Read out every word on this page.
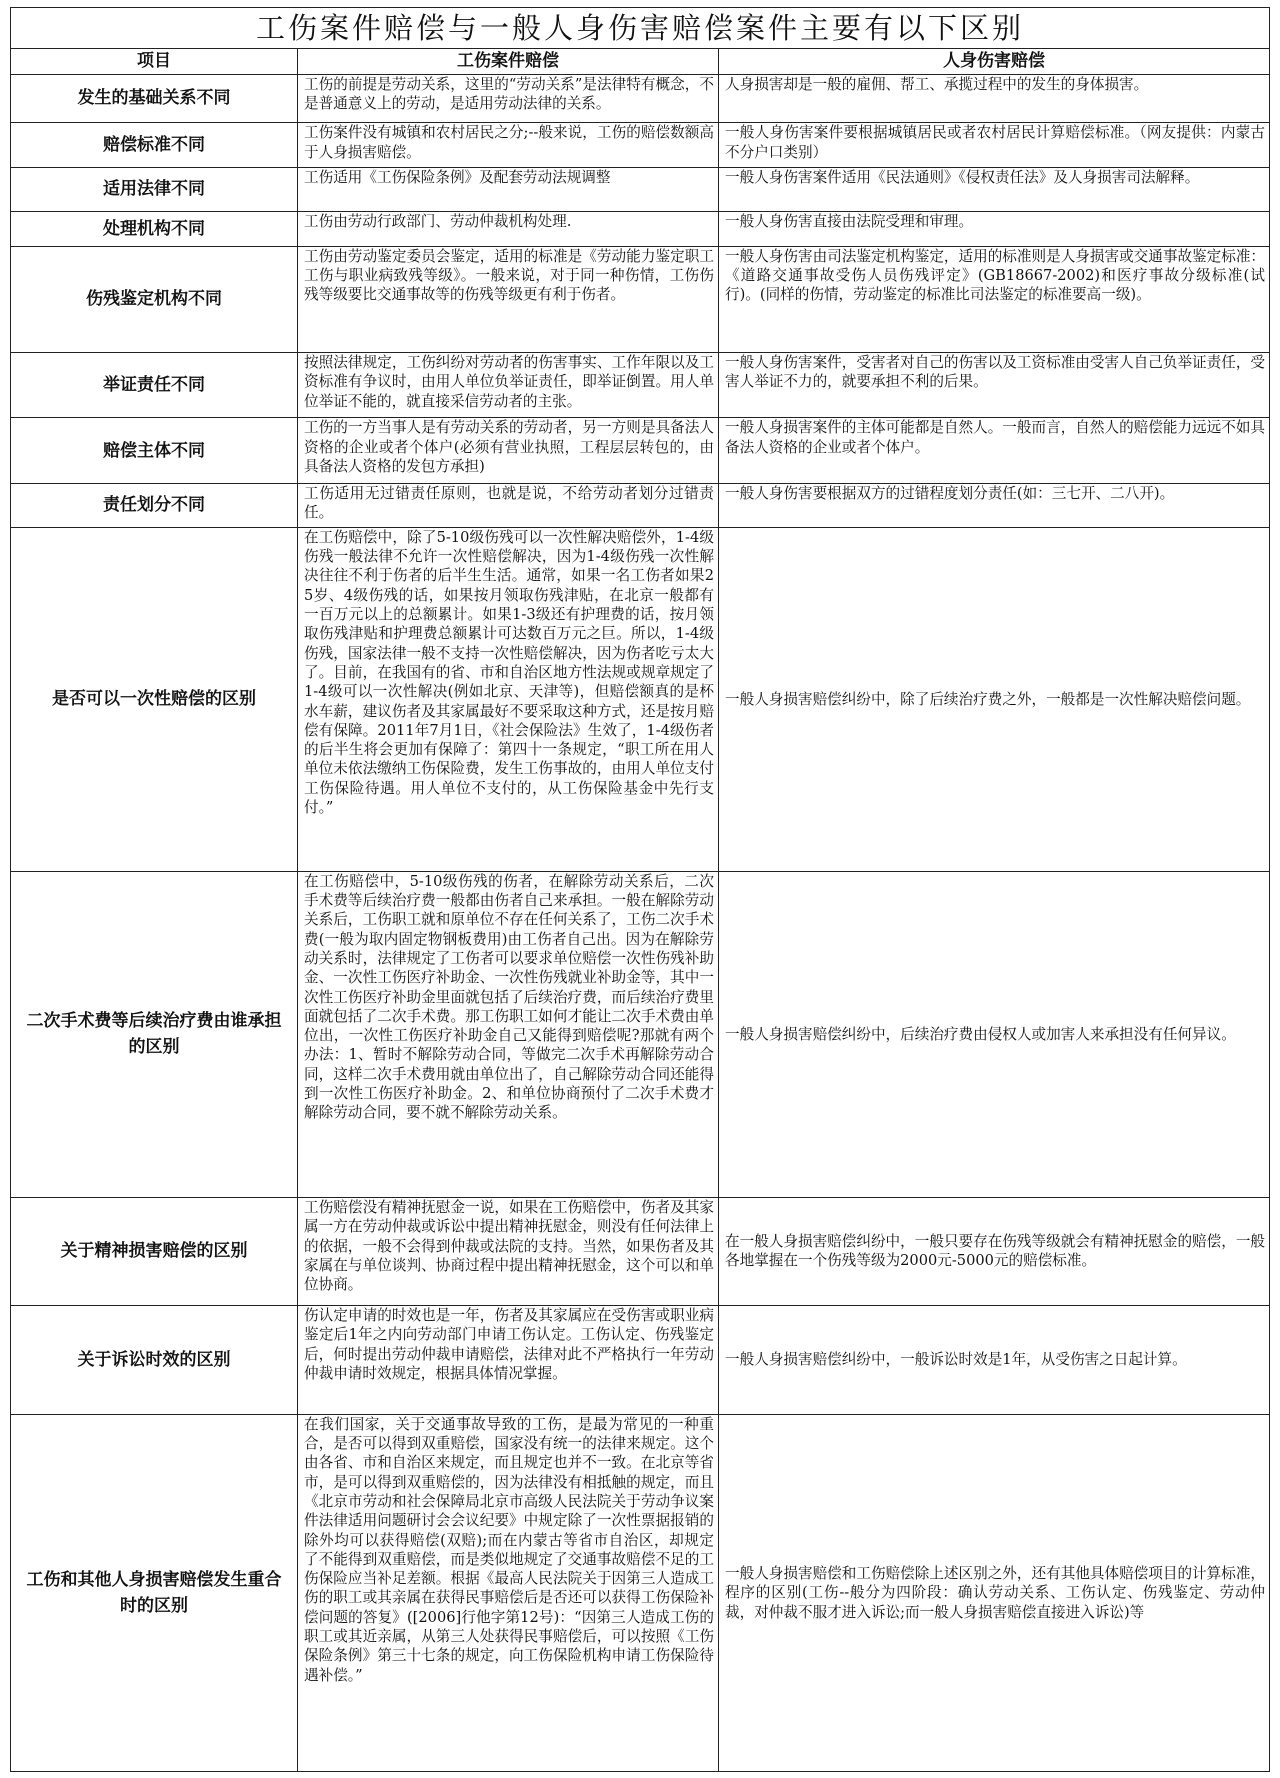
工伤案件赔偿与一般人身伤害赔偿案件主要有以下区别		
项目	工伤案件赔偿	人身伤害赔偿
发生的基础关系不同	工伤的前提是劳动关系，这里的“劳动关系”是法律特有概念，不是普通意义上的劳动，是适用劳动法律的关系。	人身损害却是一般的雇佣、帮工、承揽过程中的发生的身体损害。
赔偿标准不同	工伤案件没有城镇和农村居民之分;--般来说，工伤的赔偿数额高于人身损害赔偿。	一般人身伤害案件要根据城镇居民或者农村居民计算赔偿标准。（网友提供：内蒙古不分户口类别）
适用法律不同	工伤适用《工伤保险条例》及配套劳动法规调整	一般人身伤害案件适用《民法通则》《侵权责任法》及人身损害司法解释。
处理机构不同	工伤由劳动行政部门、劳动仲裁机构处理.	一般人身伤害直接由法院受理和审理。
伤残鉴定机构不同	工伤由劳动鉴定委员会鉴定，适用的标准是《劳动能力鉴定职工工伤与职业病致残等级》。一般来说，对于同一种伤情，工伤伤残等级要比交通事故等的伤残等级更有利于伤者。	一般人身伤害由司法鉴定机构鉴定，适用的标准则是人身损害或交通事故鉴定标准：《道路交通事故受伤人员伤残评定》(GB18667-2002)和医疗事故分级标准(试行)。(同样的伤情，劳动鉴定的标准比司法鉴定的标准要高一级)。
举证责任不同	按照法律规定，工伤纠纷对劳动者的伤害事实、工作年限以及工资标准有争议时，由用人单位负举证责任，即举证倒置。用人单位举证不能的，就直接采信劳动者的主张。	一般人身伤害案件，受害者对自己的伤害以及工资标准由受害人自己负举证责任，受害人举证不力的，就要承担不利的后果。
赔偿主体不同	工伤的一方当事人是有劳动关系的劳动者，另一方则是具备法人资格的企业或者个体户(必须有营业执照，工程层层转包的，由具备法人资格的发包方承担)	一般人身损害案件的主体可能都是自然人。一般而言，自然人的赔偿能力远远不如具备法人资格的企业或者个体户。
责任划分不同	工伤适用无过错责任原则，也就是说，不给劳动者划分过错责任。	一般人身伤害要根据双方的过错程度划分责任(如：三七开、二八开)。
是否可以一次性赔偿的区别	在工伤赔偿中，除了5-10级伤残可以一次性解决赔偿外，1-4级伤残一般法律不允许一次性赔偿解决，因为1-4级伤残一次性解决往往不利于伤者的后半生生活。通常，如果一名工伤者如果25岁、4级伤残的话，如果按月领取伤残津贴，在北京一般都有一百万元以上的总额累计。如果1-3级还有护理费的话，按月领取伤残津贴和护理费总额累计可达数百万元之巨。所以，1-4级伤残，国家法律一般不支持一次性赔偿解决，因为伤者吃亏太大了。目前，在我国有的省、市和自治区地方性法规或规章规定了1-4级可以一次性解决(例如北京、天津等)，但赔偿额真的是杯水车薪，建议伤者及其家属最好不要采取这种方式，还是按月赔偿有保障。2011年7月1日，《社会保险法》生效了，1-4级伤者的后半生将会更加有保障了：第四十一条规定，“职工所在用人单位未依法缴纳工伤保险费，发生工伤事故的，由用人单位支付工伤保险待遇。用人单位不支付的，从工伤保险基金中先行支付。”	一般人身损害赔偿纠纷中，除了后续治疗费之外，一般都是一次性解决赔偿问题。
二次手术费等后续治疗费由谁承担的区别	在工伤赔偿中，5-10级伤残的伤者，在解除劳动关系后，二次手术费等后续治疗费一般都由伤者自己来承担。一般在解除劳动关系后，工伤职工就和原单位不存在任何关系了，工伤二次手术费(一般为取内固定物钢板费用)由工伤者自己出。因为在解除劳动关系时，法律规定了工伤者可以要求单位赔偿一次性伤残补助金、一次性工伤医疗补助金、一次性伤残就业补助金等，其中一次性工伤医疗补助金里面就包括了后续治疗费，而后续治疗费里面就包括了二次手术费。那工伤职工如何才能让二次手术费由单位出，一次性工伤医疗补助金自己又能得到赔偿呢?那就有两个办法：1、暂时不解除劳动合同，等做完二次手术再解除劳动合同，这样二次手术费用就由单位出了，自己解除劳动合同还能得到一次性工伤医疗补助金。2、和单位协商预付了二次手术费才解除劳动合同，要不就不解除劳动关系。	一般人身损害赔偿纠纷中，后续治疗费由侵权人或加害人来承担没有任何异议。
关于精神损害赔偿的区别	工伤赔偿没有精神抚慰金一说，如果在工伤赔偿中，伤者及其家属一方在劳动仲裁或诉讼中提出精神抚慰金，则没有任何法律上的依据，一般不会得到仲裁或法院的支持。当然，如果伤者及其家属在与单位谈判、协商过程中提出精神抚慰金，这个可以和单位协商。	在一般人身损害赔偿纠纷中，一般只要存在伤残等级就会有精神抚慰金的赔偿，一般各地掌握在一个伤残等级为2000元-5000元的赔偿标准。
关于诉讼时效的区别	伤认定申请的时效也是一年，伤者及其家属应在受伤害或职业病鉴定后1年之内向劳动部门申请工伤认定。工伤认定、伤残鉴定后，何时提出劳动仲裁申请赔偿，法律对此不严格执行一年劳动仲裁申请时效规定，根据具体情况掌握。	一般人身损害赔偿纠纷中，一般诉讼时效是1年，从受伤害之日起计算。
工伤和其他人身损害赔偿发生重合时的区别	在我们国家，关于交通事故导致的工伤，是最为常见的一种重合，是否可以得到双重赔偿，国家没有统一的法律来规定。这个由各省、市和自治区来规定，而且规定也并不一致。在北京等省市，是可以得到双重赔偿的，因为法律没有相抵触的规定，而且《北京市劳动和社会保障局北京市高级人民法院关于劳动争议案件法律适用问题研讨会会议纪要》中规定除了一次性票据报销的除外均可以获得赔偿(双赔);而在内蒙古等省市自治区，却规定了不能得到双重赔偿，而是类似地规定了交通事故赔偿不足的工伤保险应当补足差额。根据《最高人民法院关于因第三人造成工伤的职工或其亲属在获得民事赔偿后是否还可以获得工伤保险补偿问题的答复》([2006]行他字第12号)：“因第三人造成工伤的职工或其近亲属，从第三人处获得民事赔偿后，可以按照《工伤保险条例》第三十七条的规定，向工伤保险机构申请工伤保险待遇补偿。”	一般人身损害赔偿和工伤赔偿除上述区别之外，还有其他具体赔偿项目的计算标准，程序的区别(工伤--般分为四阶段：确认劳动关系、工伤认定、伤残鉴定、劳动仲裁，对仲裁不服才进入诉讼;而一般人身损害赔偿直接进入诉讼)等
